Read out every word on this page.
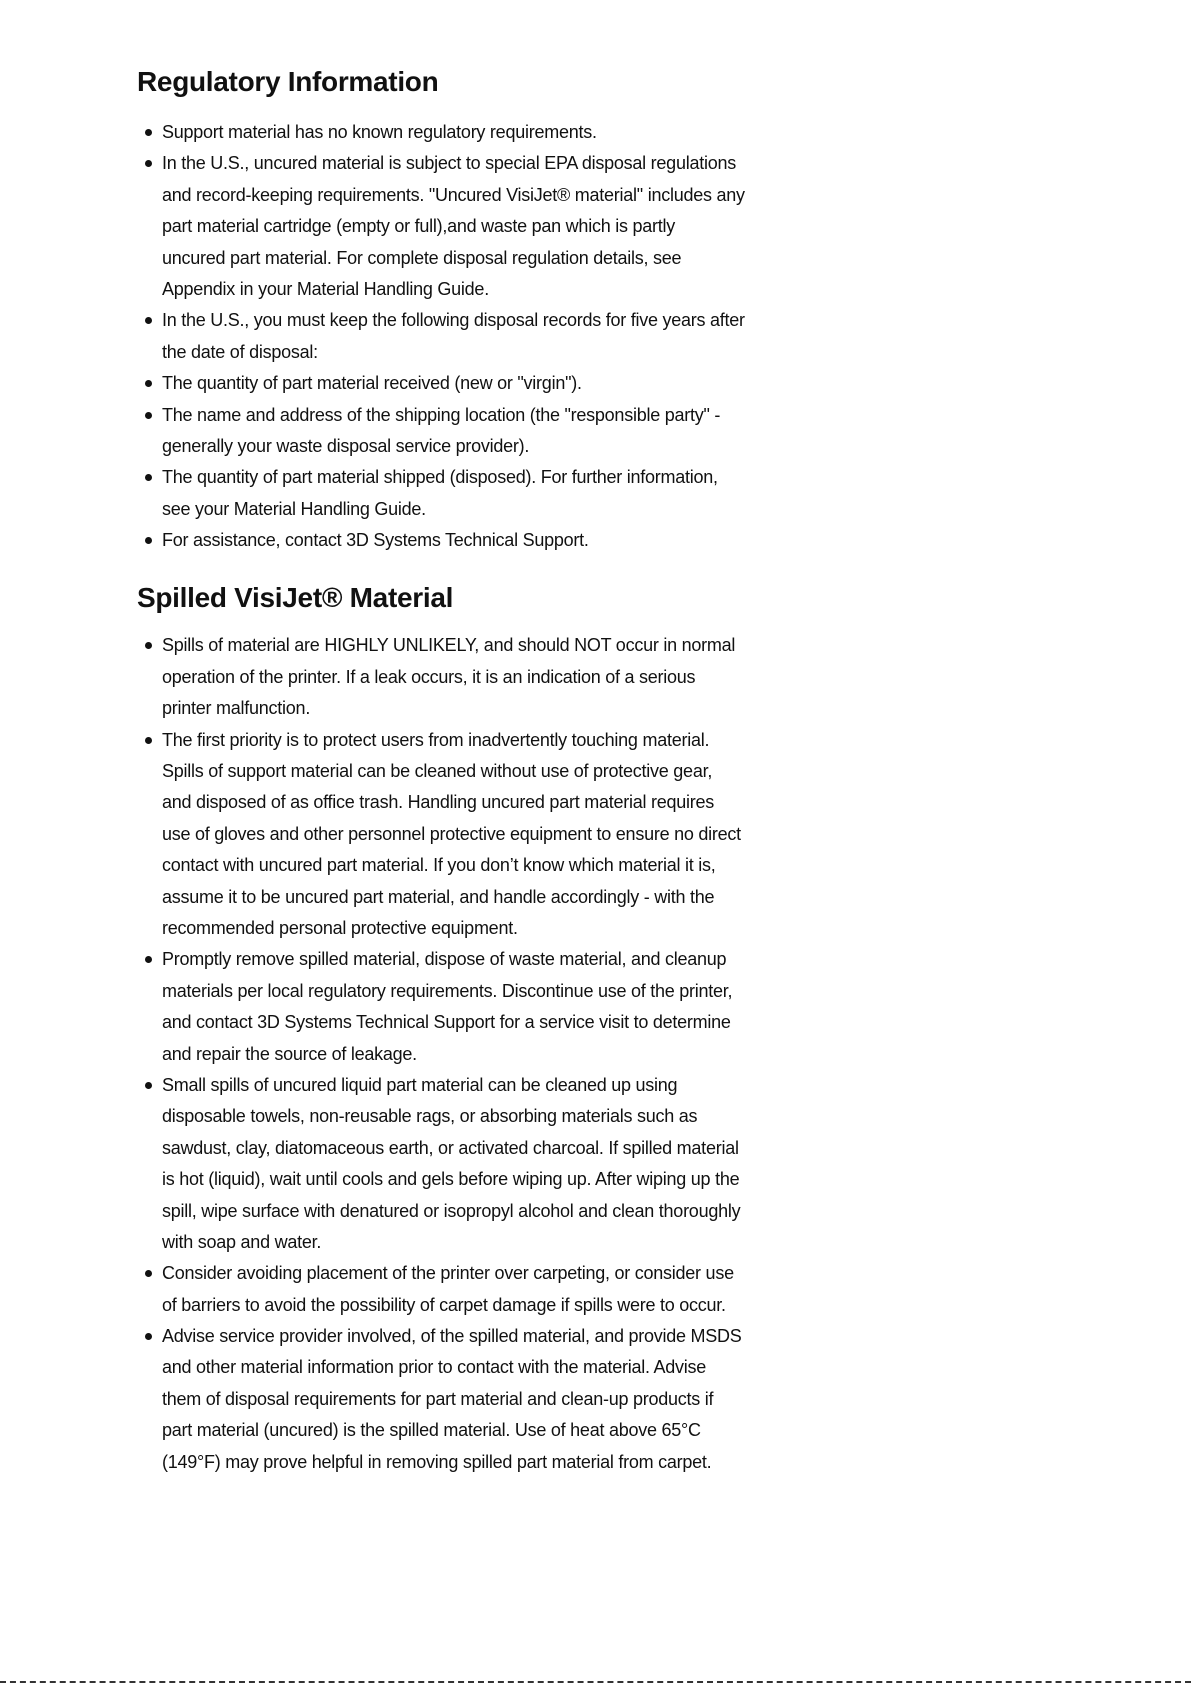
Regulatory Information
Support material has no known regulatory requirements.
In the U.S., uncured material is subject to special EPA disposal regulations
and record-keeping requirements. "Uncured VisiJet® material" includes any
part material cartridge (empty or full),and waste pan which is partly
uncured part material. For complete disposal regulation details, see
Appendix in your Material Handling Guide.
In the U.S., you must keep the following disposal records for five years after
the date of disposal:
The quantity of part material received (new or "virgin").
The name and address of the shipping location (the "responsible party" -
generally your waste disposal service provider).
The quantity of part material shipped (disposed). For further information,
see your Material Handling Guide.
For assistance, contact 3D Systems Technical Support.
Spilled VisiJet® Material
Spills of material are HIGHLY UNLIKELY, and should NOT occur in normal
operation of the printer. If a leak occurs, it is an indication of a serious
printer malfunction.
The first priority is to protect users from inadvertently touching material.
Spills of support material can be cleaned without use of protective gear,
and disposed of as office trash. Handling uncured part material requires
use of gloves and other personnel protective equipment to ensure no direct
contact with uncured part material. If you don’t know which material it is,
assume it to be uncured part material, and handle accordingly - with the
recommended personal protective equipment.
Promptly remove spilled material, dispose of waste material, and cleanup
materials per local regulatory requirements. Discontinue use of the printer,
and contact 3D Systems Technical Support for a service visit to determine
and repair the source of leakage.
Small spills of uncured liquid part material can be cleaned up using
disposable towels, non-reusable rags, or absorbing materials such as
sawdust, clay, diatomaceous earth, or activated charcoal. If spilled material
is hot (liquid), wait until cools and gels before wiping up. After wiping up the
spill, wipe surface with denatured or isopropyl alcohol and clean thoroughly
with soap and water.
Consider avoiding placement of the printer over carpeting, or consider use
of barriers to avoid the possibility of carpet damage if spills were to occur.
Advise service provider involved, of the spilled material, and provide MSDS
and other material information prior to contact with the material. Advise
them of disposal requirements for part material and clean-up products if
part material (uncured) is the spilled material. Use of heat above 65°C
(149°F) may prove helpful in removing spilled part material from carpet.
